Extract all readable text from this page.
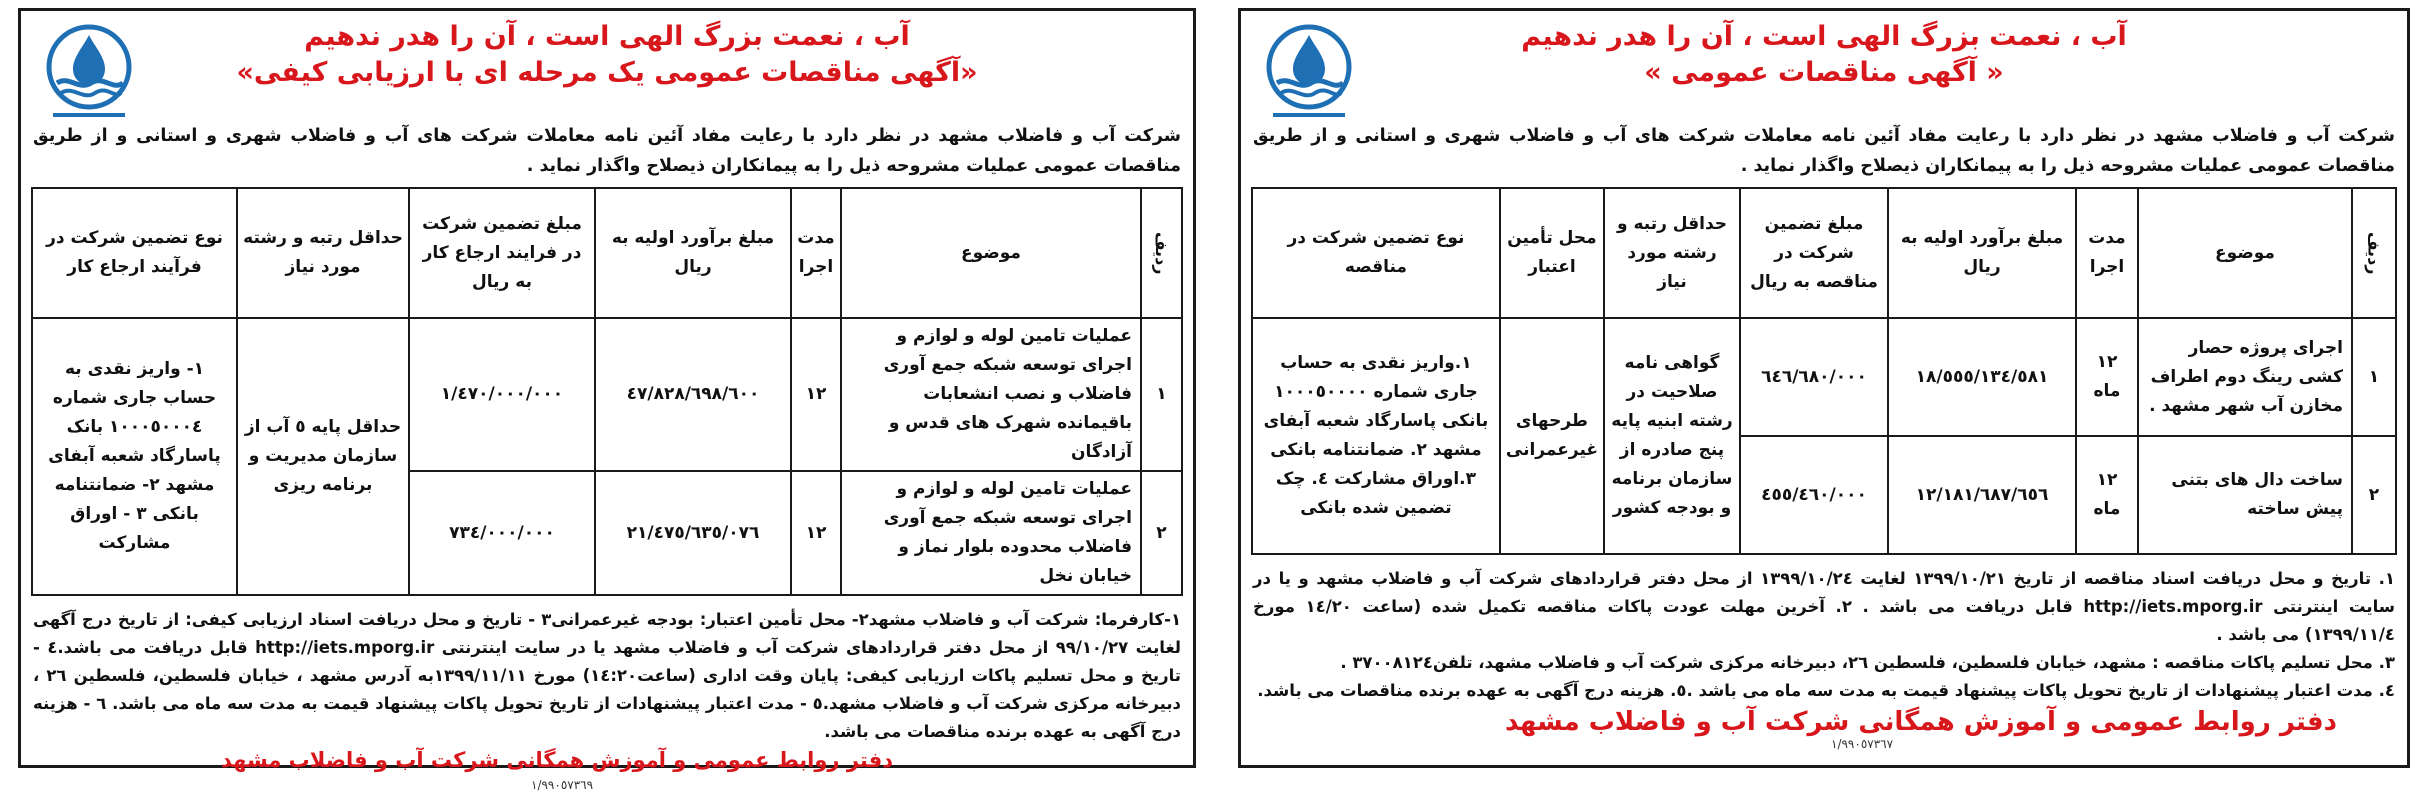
آب ، نعمت بزرگ الهی است ، آن را هدر ندهیم
« آگهی مناقصات عمومی »

شرکت آب و فاضلاب مشهد در نظر دارد با رعایت مفاد آئین نامه معاملات شرکت های آب و فاضلاب شهری و استانی و از طریق مناقصات عمومی عملیات مشروحه ذیل را به پیمانکاران ذیصلاح واگذار نماید .

ردیف	موضوع	مدت اجرا	مبلغ برآورد اولیه به ریال	مبلغ تضمین شرکت در مناقصه به ریال	حداقل رتبه و رشته مورد نیاز	محل تأمین اعتبار	نوع تضمین شرکت در مناقصه
١	اجرای پروژه حصار کشی رینگ دوم اطراف مخازن آب شهر مشهد .	١٢ ماه	١٨/٥٥٥/١٣٤/٥٨١	٦٤٦/٦٨٠/٠٠٠	گواهی نامه صلاحیت در رشته ابنیه پایه پنج صادره از سازمان برنامه و بودجه کشور	طرحهای غیرعمرانی	١.واریز نقدی به حساب جاری شماره ١٠٠٠٥٠٠٠٠ بانکی پاسارگاد شعبه آبفای مشهد ٢. ضمانتنامه بانکی ٣.اوراق مشارکت ٤. چک تضمین شده بانکی
٢	ساخت دال های بتنی پیش ساخته	١٢ ماه	١٢/١٨١/٦٨٧/٦٥٦	٤٥٥/٤٦٠/٠٠٠			

١. تاریخ و محل دریافت اسناد مناقصه از تاریخ ١٣٩٩/١٠/٢١ لغایت ١٣٩٩/١٠/٢٤ از محل دفتر قراردادهای شرکت آب و فاضلاب مشهد و یا در سایت اینترنتی http://iets.mporg.ir قابل دریافت می باشد . ٢. آخرین مهلت عودت پاکات مناقصه تکمیل شده (ساعت ١٤/٢٠ مورخ ١٣٩٩/١١/٤) می باشد .

٣. محل تسلیم پاکات مناقصه : مشهد، خیابان فلسطین، فلسطین ٢٦، دبیرخانه مرکزی شرکت آب و فاضلاب مشهد، تلفن٣٧٠٠٨١٢٤ .

٤. مدت اعتبار پیشنهادات از تاریخ تحویل پاکات پیشنهاد قیمت به مدت سه ماه می باشد .٥. هزینه درج آگهی به عهده برنده مناقصات می باشد.

دفتر روابط عمومی و آموزش همگانی شرکت آب و فاضلاب مشهد
١/٩٩٠٥٧٣٦٧
آب ، نعمت بزرگ الهی است ، آن را هدر ندهیم
«آگهی مناقصات عمومی یک مرحله ای با ارزیابی کیفی»

شرکت آب و فاضلاب مشهد در نظر دارد با رعایت مفاد آئین نامه معاملات شرکت های آب و فاضلاب شهری و استانی و از طریق مناقصات عمومی عملیات مشروحه ذیل را به پیمانکاران ذیصلاح واگذار نماید .

ردیف	موضوع	مدت اجرا	مبلغ برآورد اولیه به ریال	مبلغ تضمین شرکت در فرایند ارجاع کار به ریال	حداقل رتبه و رشته مورد نیاز	نوع تضمین شرکت در فرآیند ارجاع کار
١	عملیات تامین لوله و لوازم و اجرای توسعه شبکه جمع آوری فاضلاب و نصب انشعابات باقیمانده شهرک های قدس و آزادگان	١٢	٤٧/٨٢٨/٦٩٨/٦٠٠	١/٤٧٠/٠٠٠/٠٠٠	حداقل پایه ٥ آب از سازمان مدیریت و برنامه ریزی	١- واریز نقدی به حساب جاری شماره ١٠٠٠٥٠٠٠٤ بانک پاسارگاد شعبه آبفای مشهد ٢- ضمانتنامه بانکی ٣ - اوراق مشارکت
٢	عملیات تامین لوله و لوازم و اجرای توسعه شبکه جمع آوری فاضلاب محدوده بلوار نماز و خیابان نخل	١٢	٢١/٤٧٥/٦٣٥/٠٧٦	٧٣٤/٠٠٠/٠٠٠		

١-کارفرما: شرکت آب و فاضلاب مشهد٢- محل تأمین اعتبار: بودجه غیرعمرانی٣ - تاریخ و محل دریافت اسناد ارزیابی کیفی: از تاریخ درج آگهی لغایت ٩٩/١٠/٢٧ از محل دفتر قراردادهای شرکت آب و فاضلاب مشهد یا در سایت اینترنتی http://iets.mporg.ir قابل دریافت می باشد.٤ - تاریخ و محل تسلیم پاکات ارزیابی کیفی: پایان وقت اداری (ساعت١٤:٢٠) مورخ ١٣٩٩/١١/١١به آدرس مشهد ، خیابان فلسطین، فلسطین ٢٦ ، دبیرخانه مرکزی شرکت آب و فاضلاب مشهد.٥ - مدت اعتبار پیشنهادات از تاریخ تحویل پاکات پیشنهاد قیمت به مدت سه ماه می باشد. ٦ - هزینه درج آگهی به عهده برنده مناقصات می باشد.

دفتر روابط عمومی و آموزش همگانی شرکت آب و فاضلاب مشهد
١/٩٩٠٥٧٣٦٩
